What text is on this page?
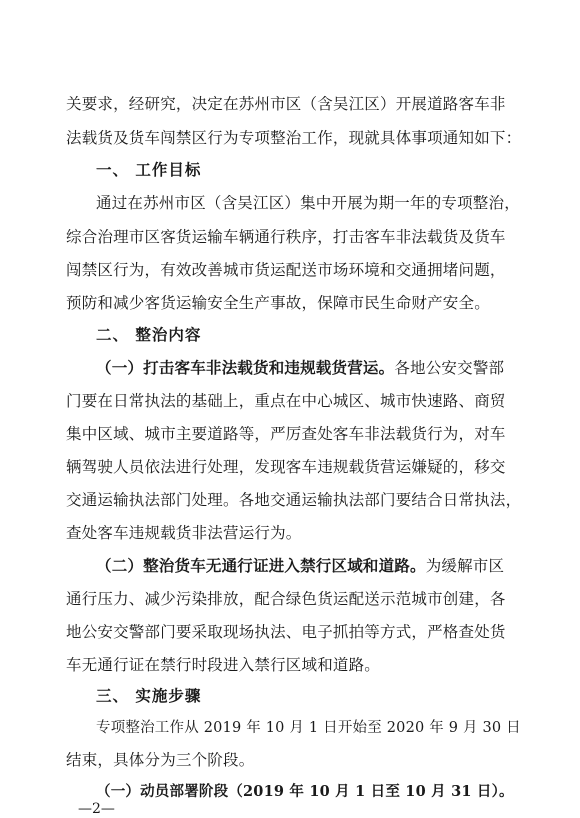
关要求，经研究，决定在苏州市区（含吴江区）开展道路客车非
法载货及货车闯禁区行为专项整治工作，现就具体事项通知如下：
一、 工作目标
通过在苏州市区（含吴江区）集中开展为期一年的专项整治，
综合治理市区客货运输车辆通行秩序，打击客车非法载货及货车
闯禁区行为，有效改善城市货运配送市场环境和交通拥堵问题，
预防和减少客货运输安全生产事故，保障市民生命财产安全。
二、 整治内容
（一）打击客车非法载货和违规载货营运。各地公安交警部
门要在日常执法的基础上，重点在中心城区、城市快速路、商贸
集中区域、城市主要道路等，严厉查处客车非法载货行为，对车
辆驾驶人员依法进行处理，发现客车违规载货营运嫌疑的，移交
交通运输执法部门处理。各地交通运输执法部门要结合日常执法，
查处客车违规载货非法营运行为。
（二）整治货车无通行证进入禁行区域和道路。为缓解市区
通行压力、减少污染排放，配合绿色货运配送示范城市创建，各
地公安交警部门要采取现场执法、电子抓拍等方式，严格查处货
车无通行证在禁行时段进入禁行区域和道路。
三、 实施步骤
专项整治工作从 2019 年 10 月 1 日开始至 2020 年 9 月 30 日
结束，具体分为三个阶段。
（一）动员部署阶段（2019 年 10 月 1 日至 10 月 31 日）。
—2—
